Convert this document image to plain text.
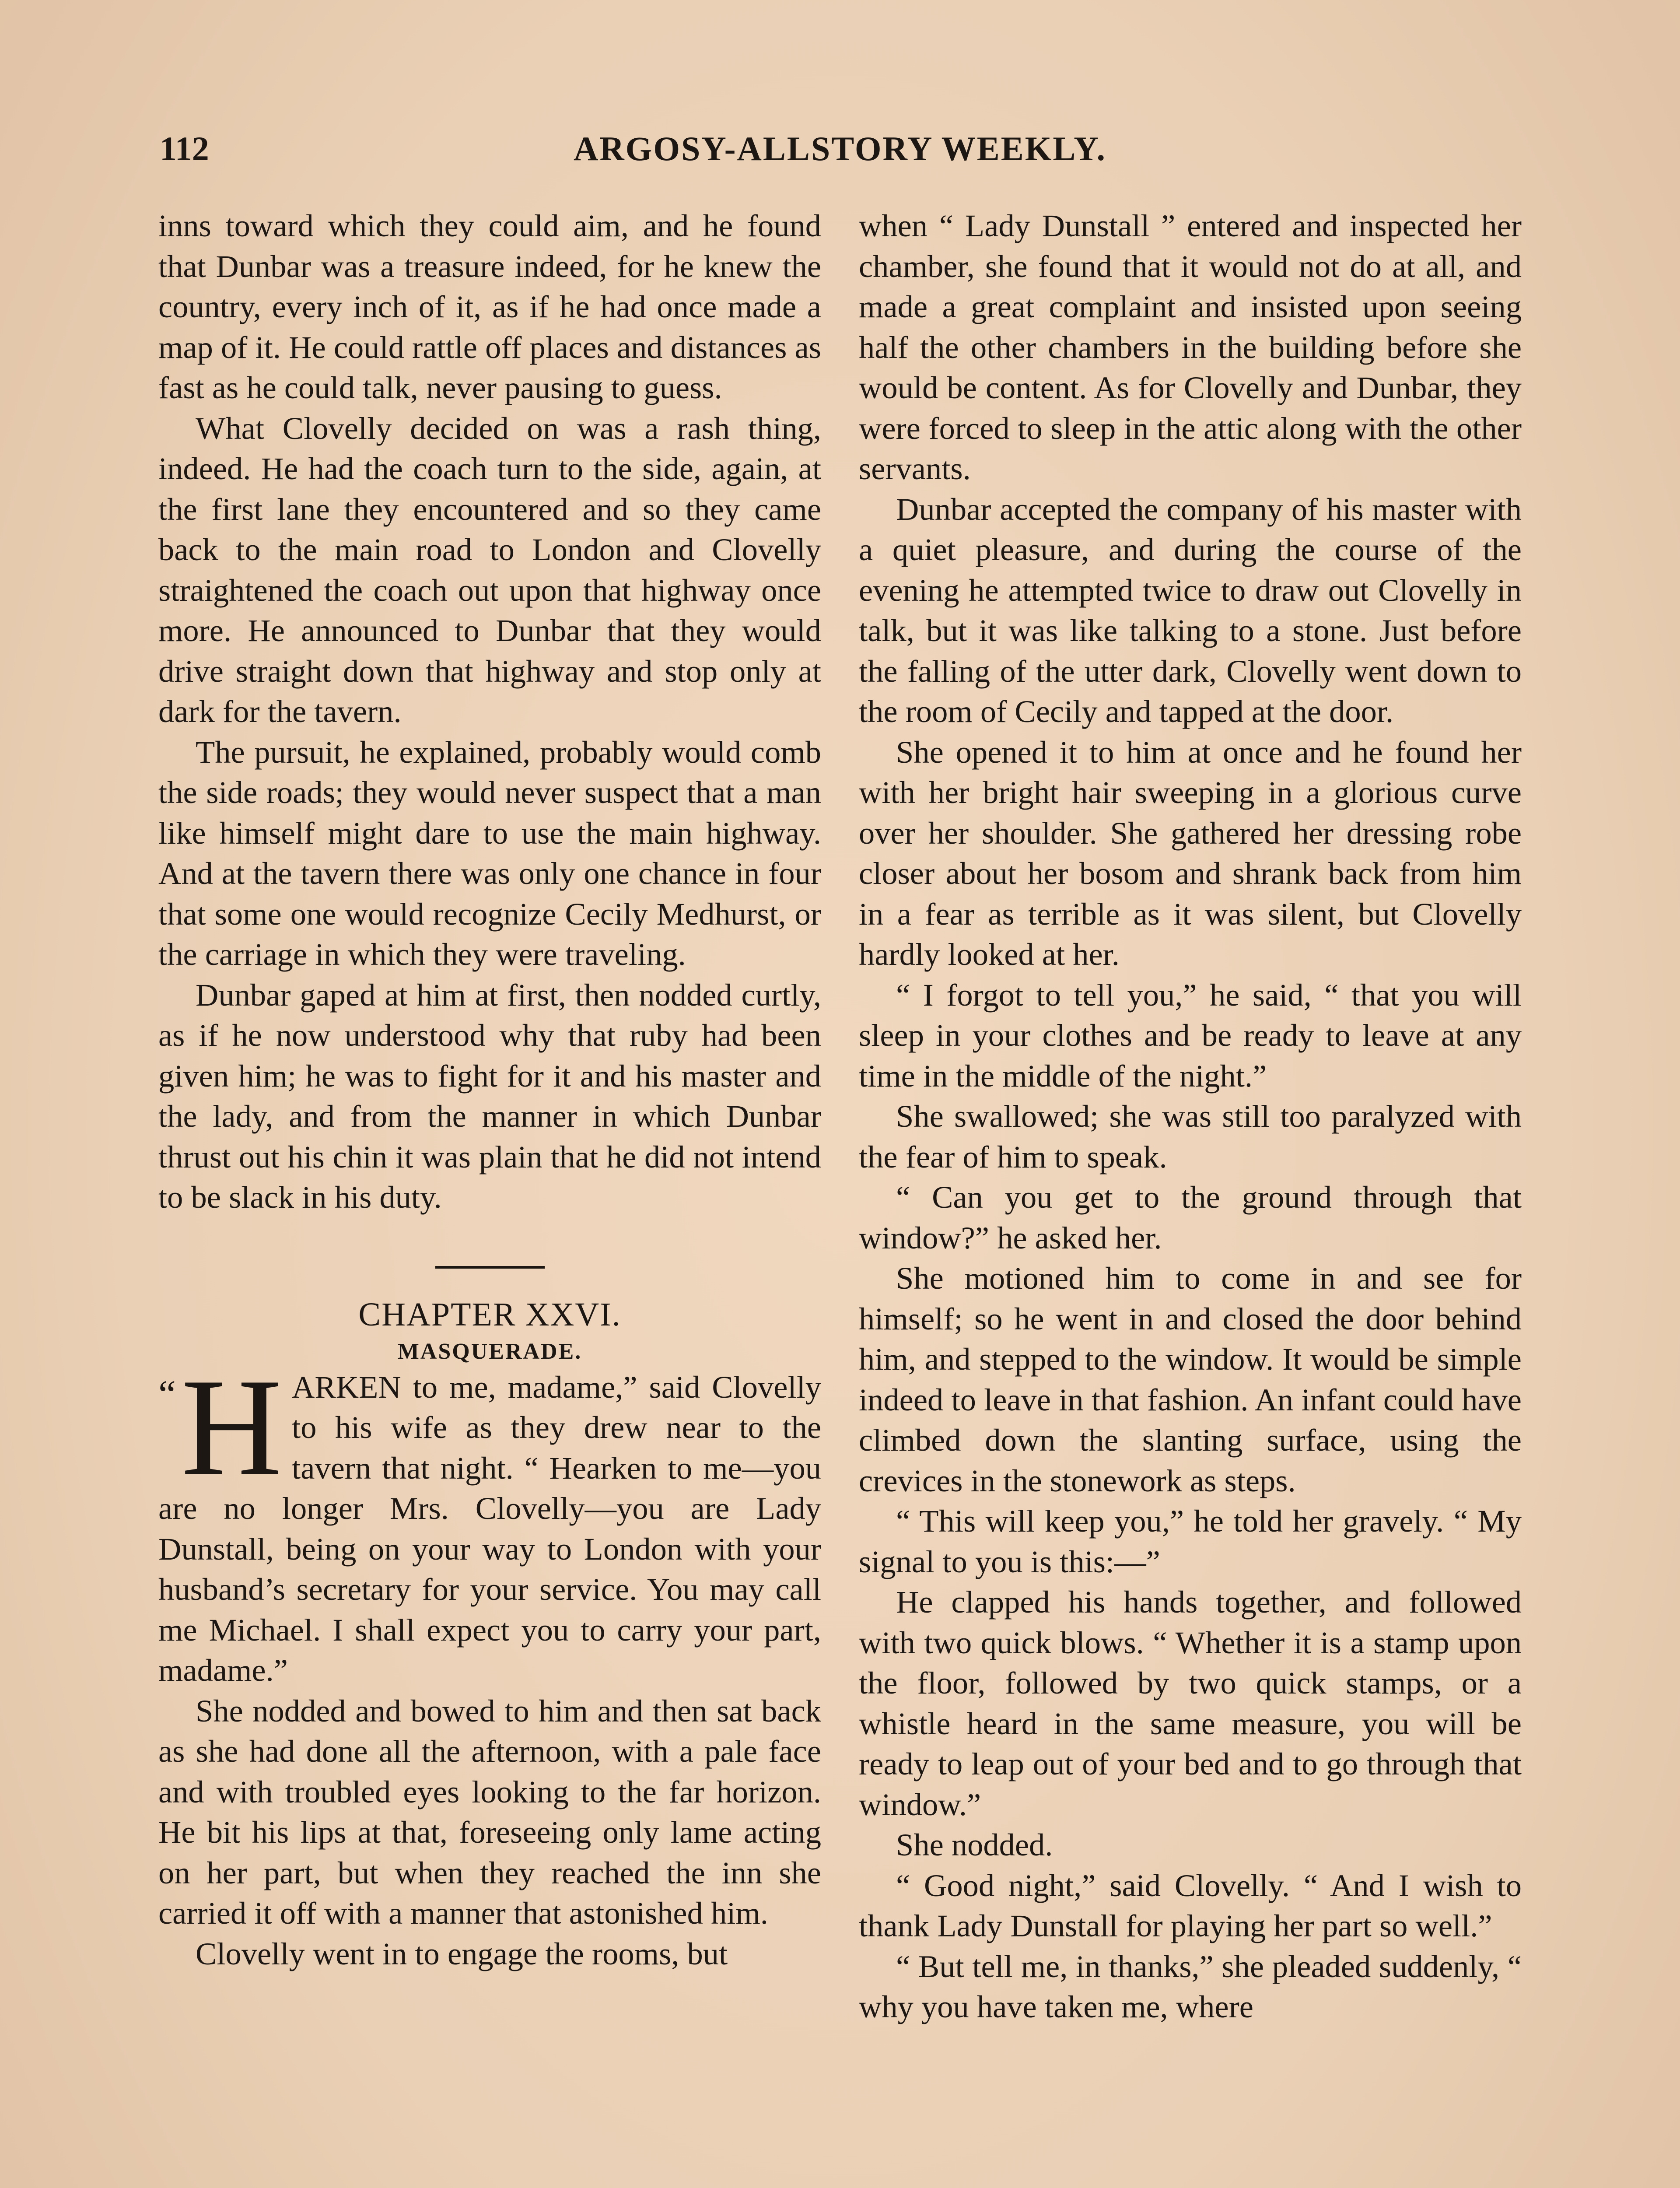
112	ARGOSY-ALLSTORY WEEKLY.

inns toward which they could aim, and he found that Dunbar was a treasure indeed, for he knew the country, every inch of it, as if he had once made a map of it. He could rattle off places and distances as fast as he could talk, never pausing to guess.

What Clovelly decided on was a rash thing, indeed. He had the coach turn to the side, again, at the first lane they encountered and so they came back to the main road to London and Clovelly straightened the coach out upon that highway once more. He announced to Dunbar that they would drive straight down that highway and stop only at dark for the tavern.

The pursuit, he explained, probably would comb the side roads; they would never suspect that a man like himself might dare to use the main highway. And at the tavern there was only one chance in four that some one would recognize Cecily Medhurst, or the carriage in which they were traveling.

Dunbar gaped at him at first, then nodded curtly, as if he now understood why that ruby had been given him; he was to fight for it and his master and the lady, and from the manner in which Dunbar thrust out his chin it was plain that he did not intend to be slack in his duty.

CHAPTER XXVI.

MASQUERADE.

“H ARKEN to me, madame,” said Clovelly to his wife as they drew near to the tavern that night. “ Hearken to me—you are no longer Mrs. Clovelly—you are Lady Dunstall, being on your way to London with your husband’s secretary for your service. You may call me Michael. I shall expect you to carry your part, madame.”

She nodded and bowed to him and then sat back as she had done all the afternoon, with a pale face and with troubled eyes looking to the far horizon. He bit his lips at that, foreseeing only lame acting on her part, but when they reached the inn she carried it off with a manner that astonished him.

Clovelly went in to engage the rooms, but

when “ Lady Dunstall ” entered and inspected her chamber, she found that it would not do at all, and made a great complaint and insisted upon seeing half the other chambers in the building before she would be content. As for Clovelly and Dunbar, they were forced to sleep in the attic along with the other servants.

Dunbar accepted the company of his master with a quiet pleasure, and during the course of the evening he attempted twice to draw out Clovelly in talk, but it was like talking to a stone. Just before the falling of the utter dark, Clovelly went down to the room of Cecily and tapped at the door.

She opened it to him at once and he found her with her bright hair sweeping in a glorious curve over her shoulder. She gathered her dressing robe closer about her bosom and shrank back from him in a fear as terrible as it was silent, but Clovelly hardly looked at her.

“ I forgot to tell you,” he said, “ that you will sleep in your clothes and be ready to leave at any time in the middle of the night.”

She swallowed; she was still too paralyzed with the fear of him to speak.

“ Can you get to the ground through that window?” he asked her.

She motioned him to come in and see for himself; so he went in and closed the door behind him, and stepped to the window. It would be simple indeed to leave in that fashion. An infant could have climbed down the slanting surface, using the crevices in the stonework as steps.

“ This will keep you,” he told her gravely. “ My signal to you is this:—”

He clapped his hands together, and followed with two quick blows. “ Whether it is a stamp upon the floor, followed by two quick stamps, or a whistle heard in the same measure, you will be ready to leap out of your bed and to go through that window.”

She nodded.

“ Good night,” said Clovelly. “ And I wish to thank Lady Dunstall for playing her part so well.”

“ But tell me, in thanks,” she pleaded suddenly, “ why you have taken me, where
